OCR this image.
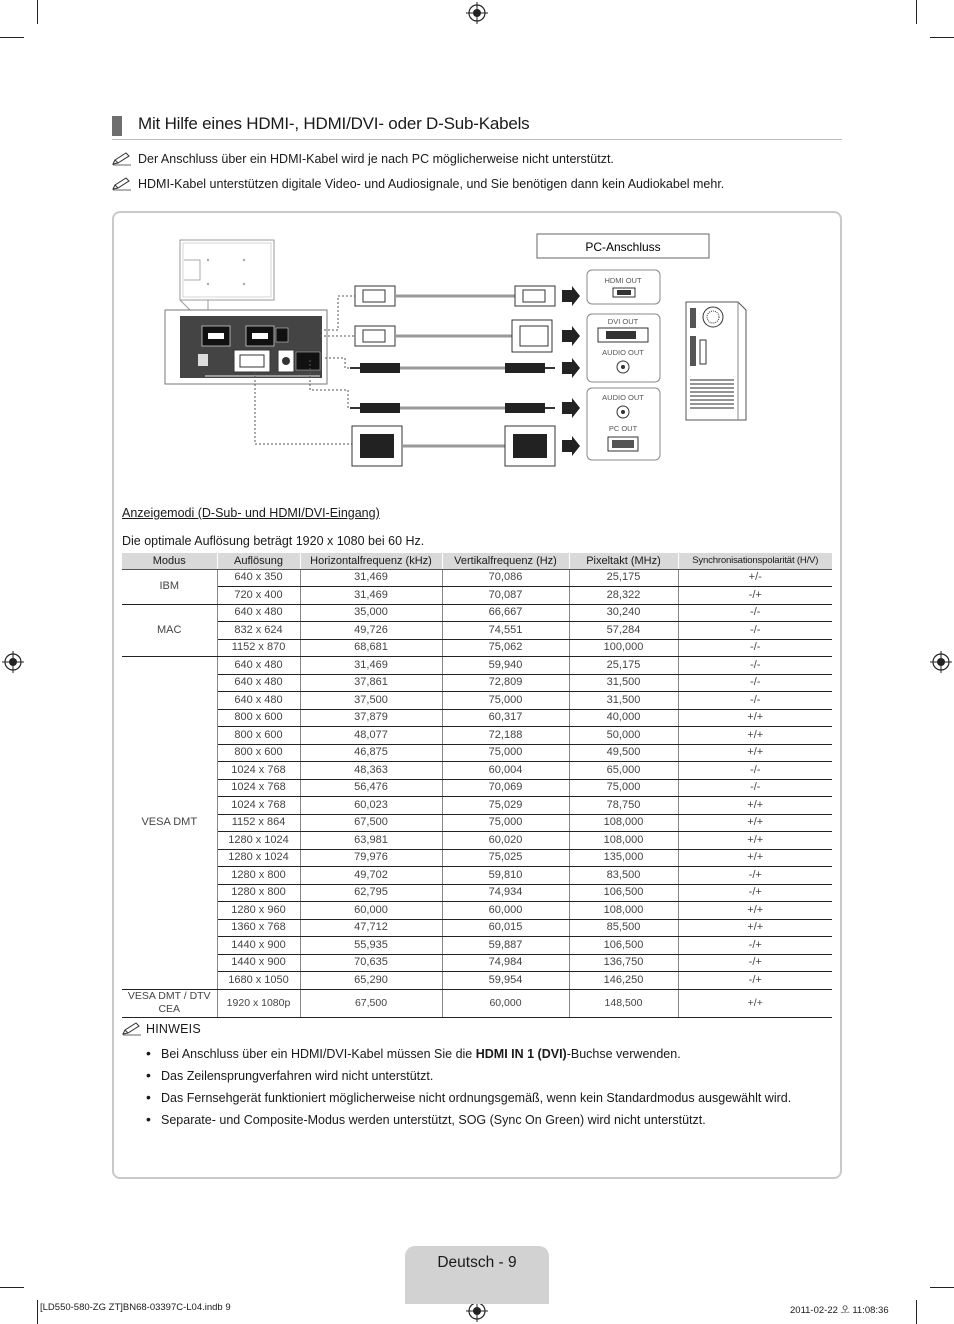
Mit Hilfe eines HDMI-, HDMI/DVI- oder D-Sub-Kabels
Der Anschluss über ein HDMI-Kabel wird je nach PC möglicherweise nicht unterstützt.
HDMI-Kabel unterstützen digitale Video- und Audiosignale, und Sie benötigen dann kein Audiokabel mehr.
PC-Anschluss
HDMI OUT
DVI OUT
AUDIO OUT
AUDIO OUT
PC OUT
Anzeigemodi (D-Sub- und HDMI/DVI-Eingang)
Die optimale Auflösung beträgt 1920 x 1080 bei 60 Hz.
Modus	Auflösung	Horizontalfrequenz (kHz)	Vertikalfrequenz (Hz)	Pixeltakt (MHz)	Synchronisationspolarität (H/V)
IBM	640 x 350	31,469	70,086	25,175	+/-
	720 x 400	31,469	70,087	28,322	-/+
MAC	640 x 480	35,000	66,667	30,240	-/-
	832 x 624	49,726	74,551	57,284	-/-
	1152 x 870	68,681	75,062	100,000	-/-
VESA DMT	640 x 480	31,469	59,940	25,175	-/-
	640 x 480	37,861	72,809	31,500	-/-
	640 x 480	37,500	75,000	31,500	-/-
	800 x 600	37,879	60,317	40,000	+/+
	800 x 600	48,077	72,188	50,000	+/+
	800 x 600	46,875	75,000	49,500	+/+
	1024 x 768	48,363	60,004	65,000	-/-
	1024 x 768	56,476	70,069	75,000	-/-
	1024 x 768	60,023	75,029	78,750	+/+
	1152 x 864	67,500	75,000	108,000	+/+
	1280 x 1024	63,981	60,020	108,000	+/+
	1280 x 1024	79,976	75,025	135,000	+/+
	1280 x 800	49,702	59,810	83,500	-/+
	1280 x 800	62,795	74,934	106,500	-/+
	1280 x 960	60,000	60,000	108,000	+/+
	1360 x 768	47,712	60,015	85,500	+/+
	1440 x 900	55,935	59,887	106,500	-/+
	1440 x 900	70,635	74,984	136,750	-/+
	1680 x 1050	65,290	59,954	146,250	-/+
VESA DMT / DTV CEA	1920 x 1080p	67,500	60,000	148,500	+/+
HINWEIS
• Bei Anschluss über ein HDMI/DVI-Kabel müssen Sie die HDMI IN 1 (DVI)-Buchse verwenden.
• Das Zeilensprungverfahren wird nicht unterstützt.
• Das Fernsehgerät funktioniert möglicherweise nicht ordnungsgemäß, wenn kein Standardmodus ausgewählt wird.
• Separate- und Composite-Modus werden unterstützt, SOG (Sync On Green) wird nicht unterstützt.
Deutsch - 9
[LD550-580-ZG ZT]BN68-03397C-L04.indb 9	2011-02-22 오 11:08:36
